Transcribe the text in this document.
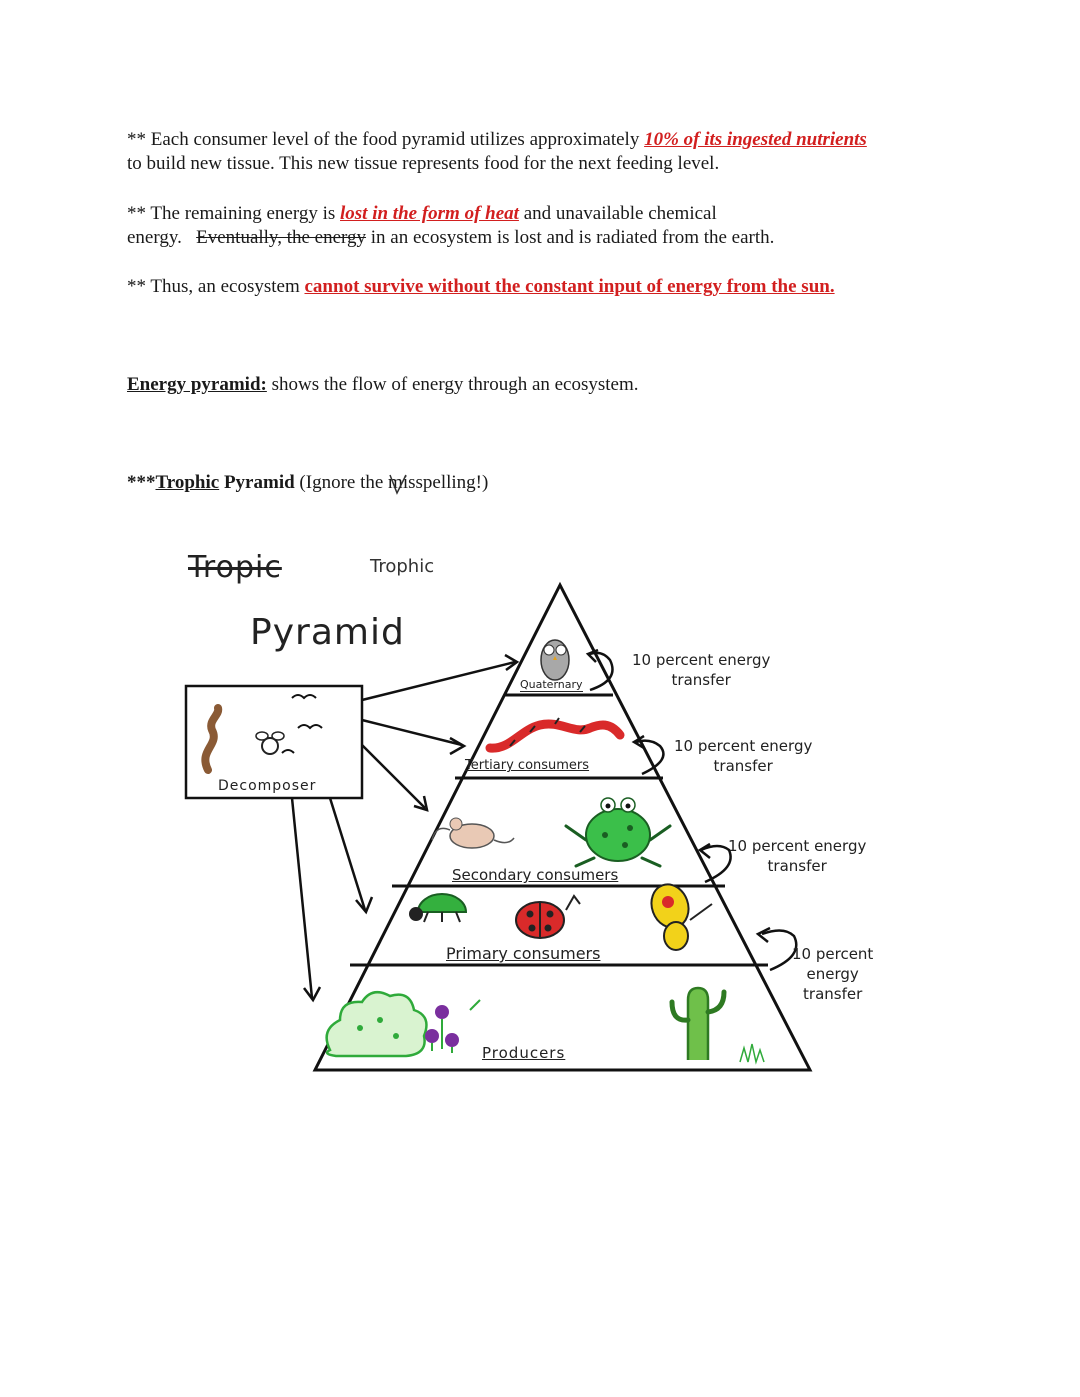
** Each consumer level of the food pyramid utilizes approximately 10% of its ingested nutrients
to build new tissue. This new tissue represents food for the next feeding level.
** The remaining energy is lost in the form of heat and unavailable chemical
energy.   Eventually, the energy in an ecosystem is lost and is radiated from the earth.
** Thus, an ecosystem cannot survive without the constant input of energy from the sun.
Energy pyramid: shows the flow of energy through an ecosystem.
***Trophic Pyramid (Ignore the misspelling!)
Tropic	Trophic
Pyramid
Decomposer
Quaternary
Tertiary consumers
Secondary consumers
Primary consumers
Producers
10 percent energy
transfer
10 percent energy
transfer
10 percent energy
transfer
10 percent
energy
transfer
